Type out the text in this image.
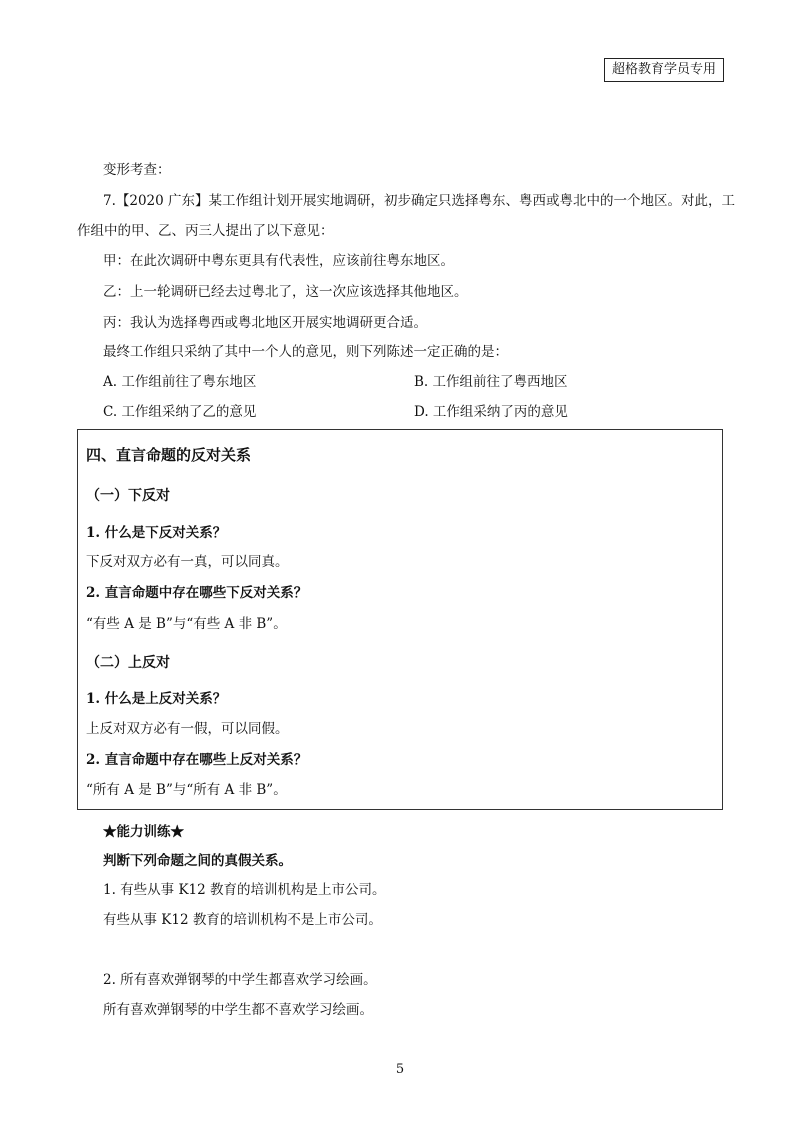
超格教育学员专用
变形考查：
7.【2020 广东】某工作组计划开展实地调研，初步确定只选择粤东、粤西或粤北中的一个地区。对此，工
作组中的甲、乙、丙三人提出了以下意见：
甲：在此次调研中粤东更具有代表性，应该前往粤东地区。
乙：上一轮调研已经去过粤北了，这一次应该选择其他地区。
丙：我认为选择粤西或粤北地区开展实地调研更合适。
最终工作组只采纳了其中一个人的意见，则下列陈述一定正确的是：
A. 工作组前往了粤东地区	B. 工作组前往了粤西地区
C. 工作组采纳了乙的意见	D. 工作组采纳了丙的意见
四、直言命题的反对关系
（一）下反对
1. 什么是下反对关系？
下反对双方必有一真，可以同真。
2. 直言命题中存在哪些下反对关系？
“有些 A 是 B”与“有些 A 非 B”。
（二）上反对
1. 什么是上反对关系？
上反对双方必有一假，可以同假。
2. 直言命题中存在哪些上反对关系？
“所有 A 是 B”与“所有 A 非 B”。
★能力训练★
判断下列命题之间的真假关系。
1. 有些从事 K12 教育的培训机构是上市公司。
有些从事 K12 教育的培训机构不是上市公司。
2. 所有喜欢弹钢琴的中学生都喜欢学习绘画。
所有喜欢弹钢琴的中学生都不喜欢学习绘画。
5
